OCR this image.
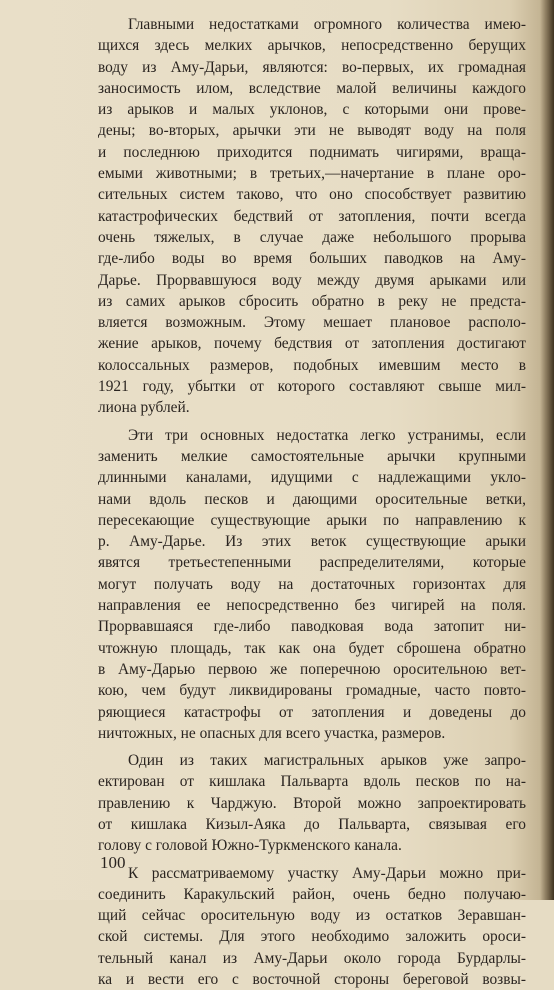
Главными недостатками огромного количества имею-
щихся здесь мелких арычков, непосредственно берущих
воду из Аму-Дарьи, являются: во-первых, их громадная
заносимость илом, вследствие малой величины каждого
из арыков и малых уклонов, с которыми они прове-
дены; во-вторых, арычки эти не выводят воду на поля
и последнюю приходится поднимать чигирями, враща-
емыми животными; в третьих,—начертание в плане оро-
сительных систем таково, что оно способствует развитию
катастрофических бедствий от затопления, почти всегда
очень тяжелых, в случае даже небольшого прорыва
где-либо воды во время больших паводков на Аму-
Дарье. Прорвавшуюся воду между двумя арыками или
из самих арыков сбросить обратно в реку не предста-
вляется возможным. Этому мешает плановое располо-
жение арыков, почему бедствия от затопления достигают
колоссальных размеров, подобных имевшим место в
1921 году, убытки от которого составляют свыше мил-
лиона рублей.
Эти три основных недостатка легко устранимы, если
заменить мелкие самостоятельные арычки крупными
длинными каналами, идущими с надлежащими укло-
нами вдоль песков и дающими оросительные ветки,
пересекающие существующие арыки по направлению к
р. Аму-Дарье. Из этих веток существующие арыки
явятся третьестепенными распределителями, которые
могут получать воду на достаточных горизонтах для
направления ее непосредственно без чигирей на поля.
Прорвавшаяся где-либо паводковая вода затопит ни-
чтожную площадь, так как она будет сброшена обратно
в Аму-Дарью первою же поперечною оросительною вет-
кою, чем будут ликвидированы громадные, часто повто-
ряющиеся катастрофы от затопления и доведены до
ничтожных, не опасных для всего участка, размеров.
Один из таких магистральных арыков уже запро-
ектирован от кишлака Пальварта вдоль песков по на-
правлению к Чарджую. Второй можно запроектировать
от кишлака Кизыл-Аяка до Пальварта, связывая его
голову с головой Южно-Туркменского канала.
К рассматриваемому участку Аму-Дарьи можно при-
соединить Каракульский район, очень бедно получаю-
щий сейчас оросительную воду из остатков Зеравшан-
ской системы. Для этого необходимо заложить ороси-
тельный канал из Аму-Дарьи около города Бурдарлы-
ка и вести его с восточной стороны береговой возвы-
100
